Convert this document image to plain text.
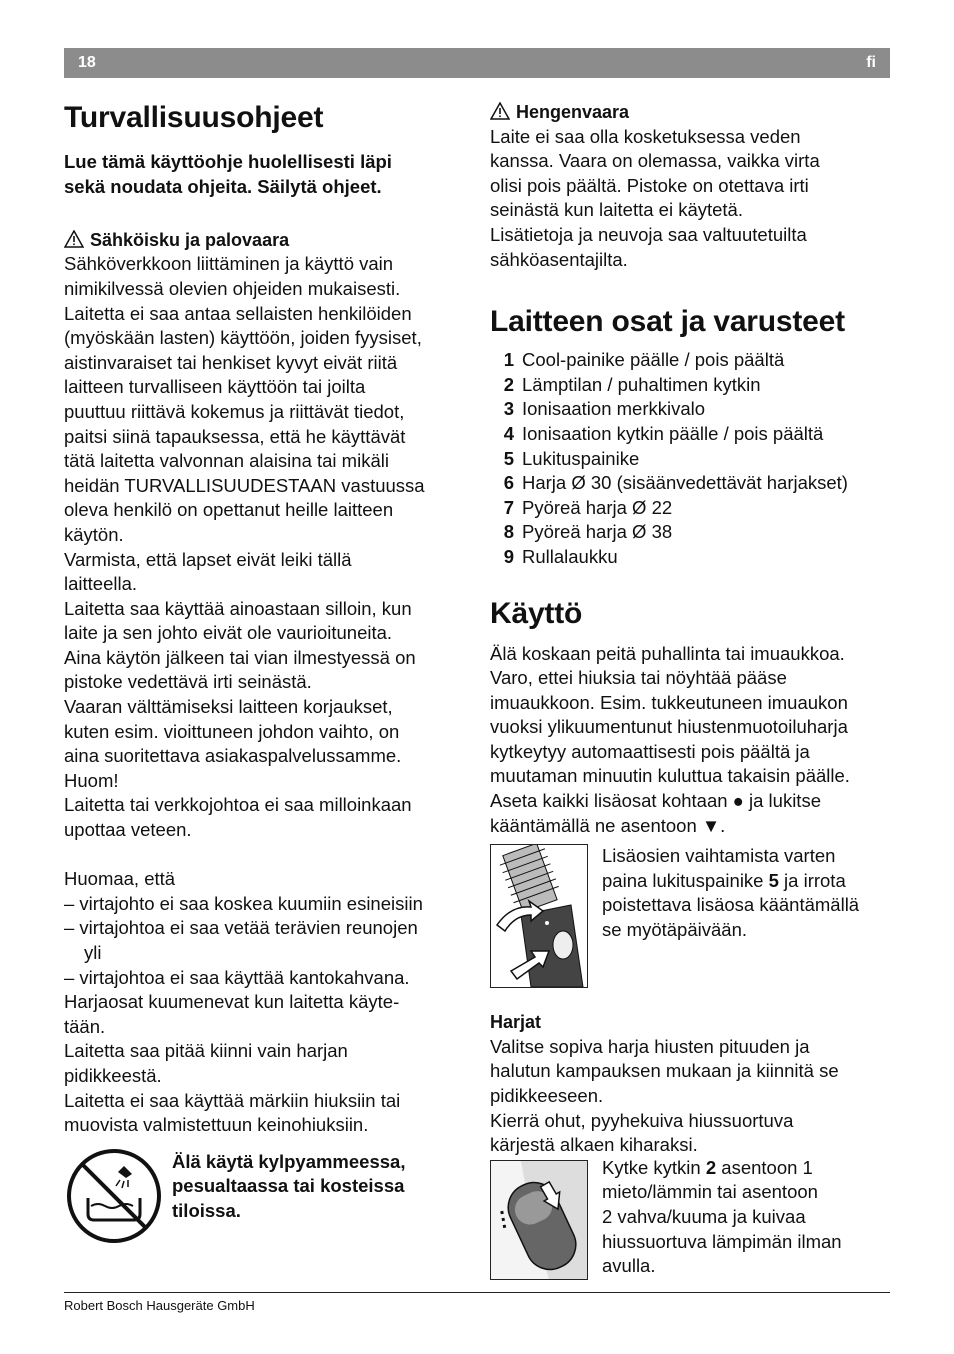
18	fi
Turvallisuusohjeet

Lue tämä käyttöohje huolellisesti läpi

sekä noudata ohjeita. Säilytä ohjeet.

Sähköisku ja palovaara

Sähköverkkoon liittäminen ja käyttö vain

nimikilvessä olevien ohjeiden mukaisesti.

Laitetta ei saa antaa sellaisten henkilöiden

(myöskään lasten) käyttöön, joiden fyysiset,

aistinvaraiset tai henkiset kyvyt eivät riitä

laitteen turvalliseen käyttöön tai joilta

puuttuu riittävä kokemus ja riittävät tiedot,

paitsi siinä tapauksessa, että he käyttävät

tätä laitetta valvonnan alaisina tai mikäli

heidän TURVALLISUUDESTAAN vastuussa

oleva henkilö on opettanut heille laitteen

käytön.

Varmista, että lapset eivät leiki tällä

laitteella.

Laitetta saa käyttää ainoastaan silloin, kun

laite ja sen johto eivät ole vaurioituneita.

Aina käytön jälkeen tai vian ilmestyessä on

pistoke vedettävä irti seinästä.

Vaaran välttämiseksi laitteen korjaukset,

kuten esim. vioittuneen johdon vaihto, on

aina suoritettava asiakaspalvelussamme.

Huom!

Laitetta tai verkkojohtoa ei saa milloinkaan

upottaa veteen.

Huomaa, että

– virtajohto ei saa koskea kuumiin esineisiin

– virtajohtoa ei saa vetää terävien reunojen

yli

– virtajohtoa ei saa käyttää kantokahvana.

Harjaosat kuumenevat kun laitetta käyte-

tään.

Laitetta saa pitää kiinni vain harjan

pidikkeestä.

Laitetta ei saa käyttää märkiin hiuksiin tai

muovista valmistettuun keinohiuksiin.

Älä käytä kylpyammeessa,

pesualtaassa tai kosteissa

tiloissa.

Hengenvaara

Laite ei saa olla kosketuksessa veden

kanssa. Vaara on olemassa, vaikka virta

olisi pois päältä. Pistoke on otettava irti

seinästä kun laitetta ei käytetä.

Lisätietoja ja neuvoja saa valtuutetuilta

sähköasentajilta.

Laitteen osat ja varusteet
1 Cool-painike päälle / pois päältä
2 Lämptilan / puhaltimen kytkin
3 Ionisaation merkkivalo
4 Ionisaation kytkin päälle / pois päältä
5 Lukituspainike
6 Harja Ø 30 (sisäänvedettävät harjakset)
7 Pyöreä harja Ø 22
8 Pyöreä harja Ø 38
9 Rullalaukku
Käyttö

Älä koskaan peitä puhallinta tai imuaukkoa.

Varo, ettei hiuksia tai nöyhtää pääse

imuaukkoon. Esim. tukkeutuneen imuaukon

vuoksi ylikuumentunut hiustenmuotoiluharja

kytkeytyy automaattisesti pois päältä ja

muutaman minuutin kuluttua takaisin päälle.

Aseta kaikki lisäosat kohtaan ● ja lukitse

kääntämällä ne asentoon ▼.

Lisäosien vaihtamista varten

paina lukituspainike 5 ja irrota

poistettava lisäosa kääntämällä

se myötäpäivään.

Harjat

Valitse sopiva harja hiusten pituuden ja

halutun kampauksen mukaan ja kiinnitä se

pidikkeeseen.

Kierrä ohut, pyyhekuiva hiussuortuva

kärjestä alkaen kiharaksi.

Kytke kytkin 2 asentoon 1

mieto/lämmin tai asentoon

2 vahva/kuuma ja kuivaa

hiussuortuva lämpimän ilman

avulla.

Robert Bosch Hausgeräte GmbH
